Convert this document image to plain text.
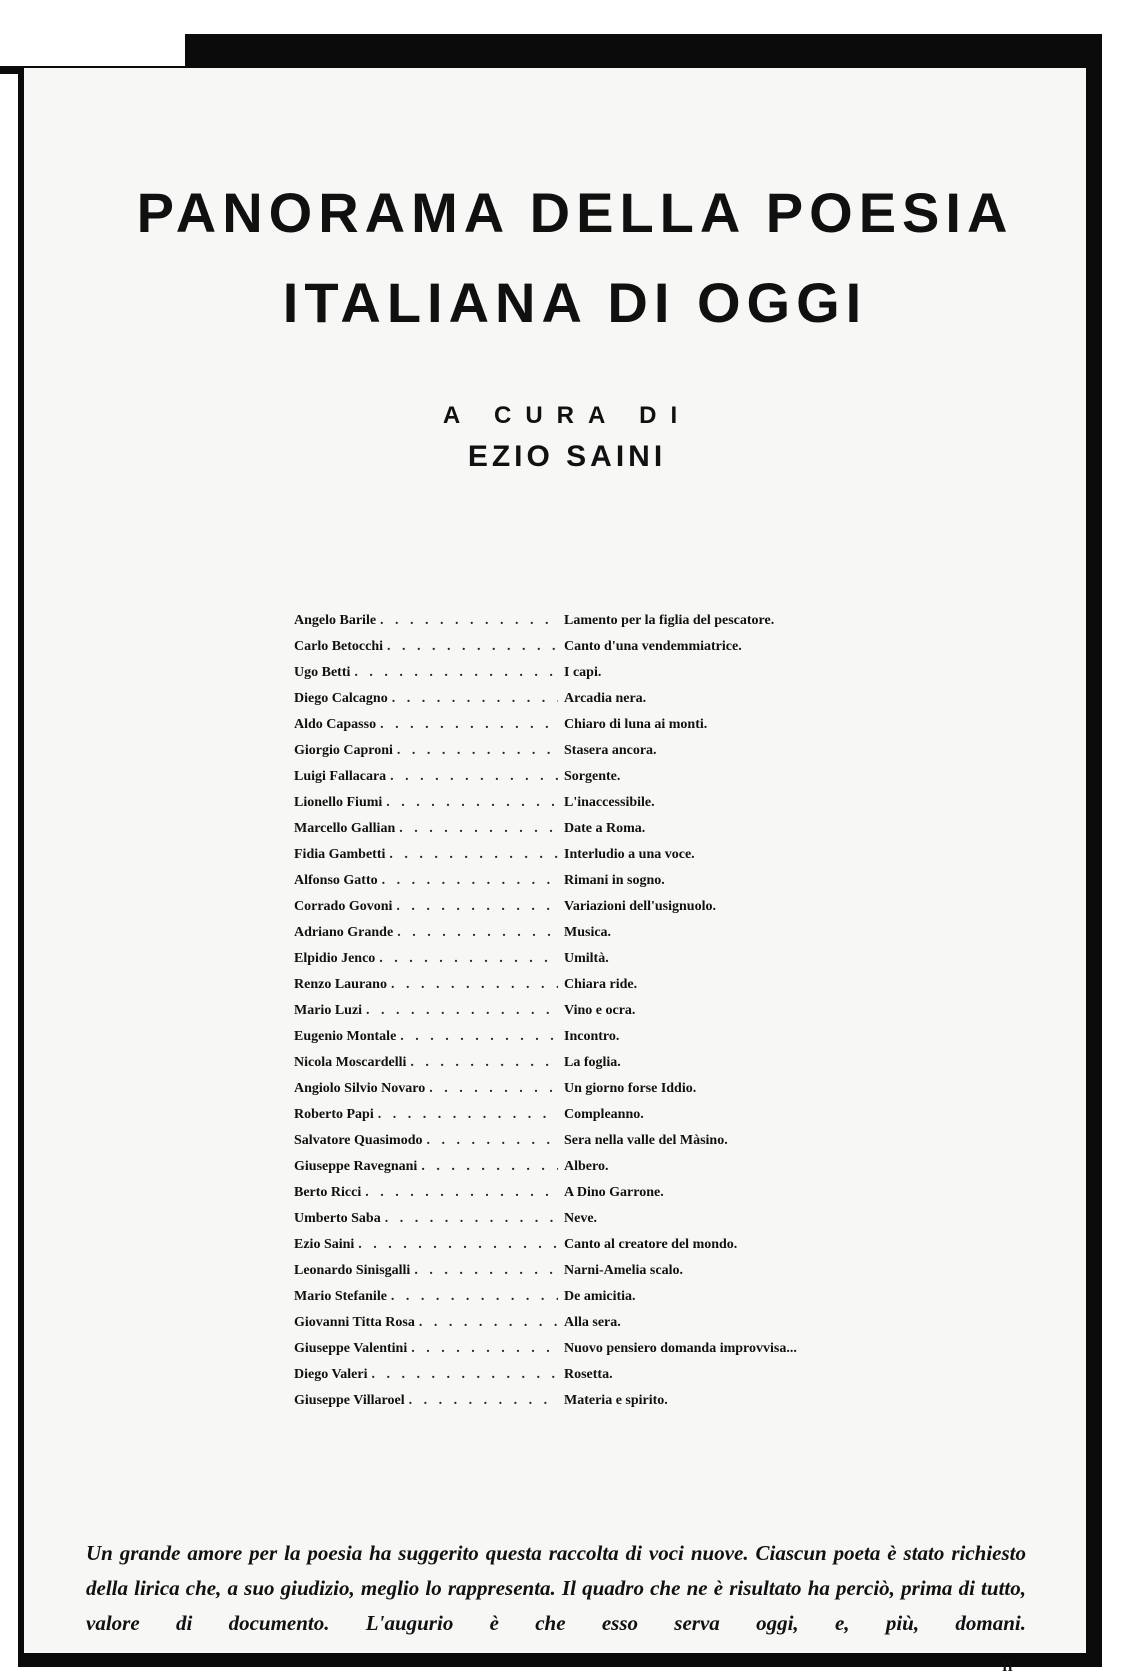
PANORAMA DELLA POESIA
ITALIANA DI OGGI
A CURA DI
EZIO SAINI
Angelo Barile . . .	Lamento per la figlia del pescatore.
Carlo Betocchi . . .	Canto d'una vendemmiatrice.
Ugo Betti . . .	I capi.
Diego Calcagno . . .	Arcadia nera.
Aldo Capasso . . .	Chiaro di luna ai monti.
Giorgio Caproni . . .	Stasera ancora.
Luigi Fallacara . . .	Sorgente.
Lionello Fiumi . . .	L'inaccessibile.
Marcello Gallian . . .	Date a Roma.
Fidia Gambetti . . .	Interludio a una voce.
Alfonso Gatto . . .	Rimani in sogno.
Corrado Govoni . . .	Variazioni dell'usignuolo.
Adriano Grande . . .	Musica.
Elpidio Jenco . . .	Umiltà.
Renzo Laurano . . .	Chiara ride.
Mario Luzi . . .	Vino e ocra.
Eugenio Montale . . .	Incontro.
Nicola Moscardelli . . .	La foglia.
Angiolo Silvio Novaro . . .	Un giorno forse Iddio.
Roberto Papi . . .	Compleanno.
Salvatore Quasimodo . . .	Sera nella valle del Màsino.
Giuseppe Ravegnani . . .	Albero.
Berto Ricci . . .	A Dino Garrone.
Umberto Saba . . .	Neve.
Ezio Saini . . .	Canto al creatore del mondo.
Leonardo Sinisgalli . . .	Narni-Amelia scalo.
Mario Stefanile . . .	De amicitia.
Giovanni Titta Rosa . . .	Alla sera.
Giuseppe Valentini . . .	Nuovo pensiero domanda improvvisa...
Diego Valeri . . .	Rosetta.
Giuseppe Villaroel . . .	Materia e spirito.

Un grande amore per la poesia ha suggerito questa raccolta di voci nuove. Ciascun poeta è stato richiesto della lirica che, a suo giudizio, meglio lo rappresenta. Il quadro che ne è risultato ha perciò, prima di tutto, valore di documento. L'augurio è che esso serva oggi, e, più, domani.

II
